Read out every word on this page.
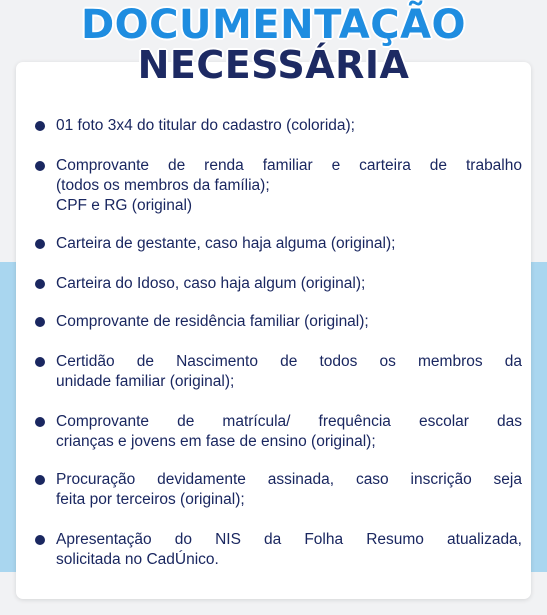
DOCUMENTAÇÃO
NECESSÁRIA
01 foto 3x4 do titular do cadastro (colorida);
Comprovante de renda familiar e carteira de trabalho
(todos os membros da família);
CPF e RG (original)
Carteira de gestante, caso haja alguma (original);
Carteira do Idoso, caso haja algum (original);
Comprovante de residência familiar (original);
Certidão de Nascimento de todos os membros da
unidade familiar (original);
Comprovante de matrícula/ frequência escolar das
crianças e jovens em fase de ensino (original);
Procuração devidamente assinada, caso inscrição seja
feita por terceiros (original);
Apresentação do NIS da Folha Resumo atualizada,
solicitada no CadÚnico.
